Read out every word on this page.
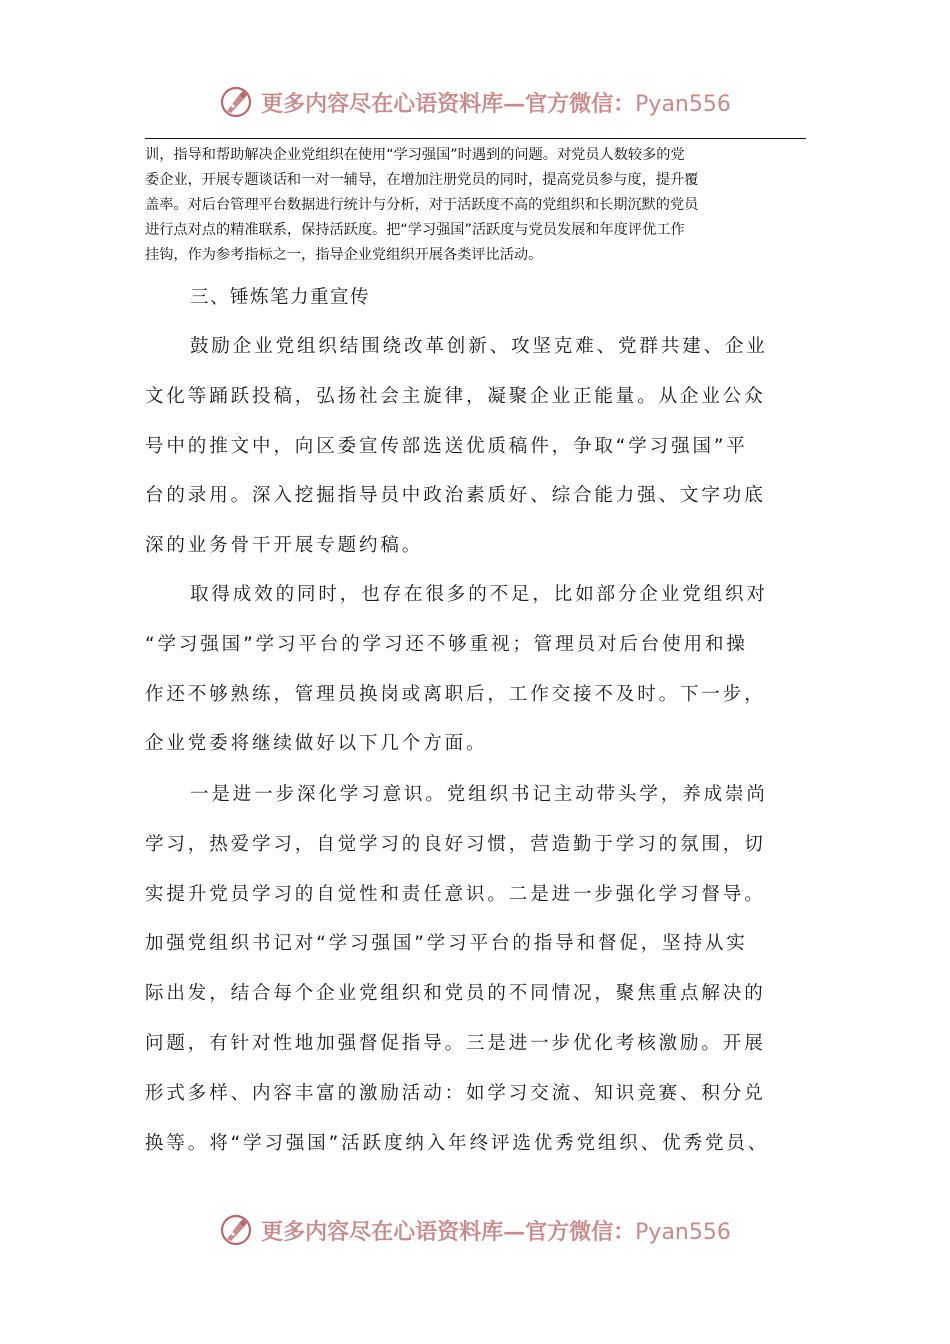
更多内容尽在心语资料库—官方微信：Pyan556

训，指导和帮助解决企业党组织在使用“学习强国”时遇到的问题。对党员人数较多的党

委企业，开展专题谈话和一对一辅导，在增加注册党员的同时，提高党员参与度，提升覆

盖率。对后台管理平台数据进行统计与分析，对于活跃度不高的党组织和长期沉默的党员

进行点对点的精准联系，保持活跃度。把“学习强国”活跃度与党员发展和年度评优工作

挂钩，作为参考指标之一，指导企业党组织开展各类评比活动。

三、锤炼笔力重宣传

鼓励企业党组织结围绕改革创新、攻坚克难、党群共建、企业

文化等踊跃投稿，弘扬社会主旋律，凝聚企业正能量。从企业公众

号中的推文中，向区委宣传部选送优质稿件，争取“学习强国”平

台的录用。深入挖掘指导员中政治素质好、综合能力强、文字功底

深的业务骨干开展专题约稿。

取得成效的同时，也存在很多的不足，比如部分企业党组织对

“学习强国”学习平台的学习还不够重视；管理员对后台使用和操

作还不够熟练，管理员换岗或离职后，工作交接不及时。下一步，

企业党委将继续做好以下几个方面。

一是进一步深化学习意识。党组织书记主动带头学，养成崇尚

学习，热爱学习，自觉学习的良好习惯，营造勤于学习的氛围，切

实提升党员学习的自觉性和责任意识。二是进一步强化学习督导。

加强党组织书记对“学习强国”学习平台的指导和督促，坚持从实

际出发，结合每个企业党组织和党员的不同情况，聚焦重点解决的

问题，有针对性地加强督促指导。三是进一步优化考核激励。开展

形式多样、内容丰富的激励活动：如学习交流、知识竞赛、积分兑

换等。将“学习强国”活跃度纳入年终评选优秀党组织、优秀党员、

更多内容尽在心语资料库—官方微信：Pyan556
